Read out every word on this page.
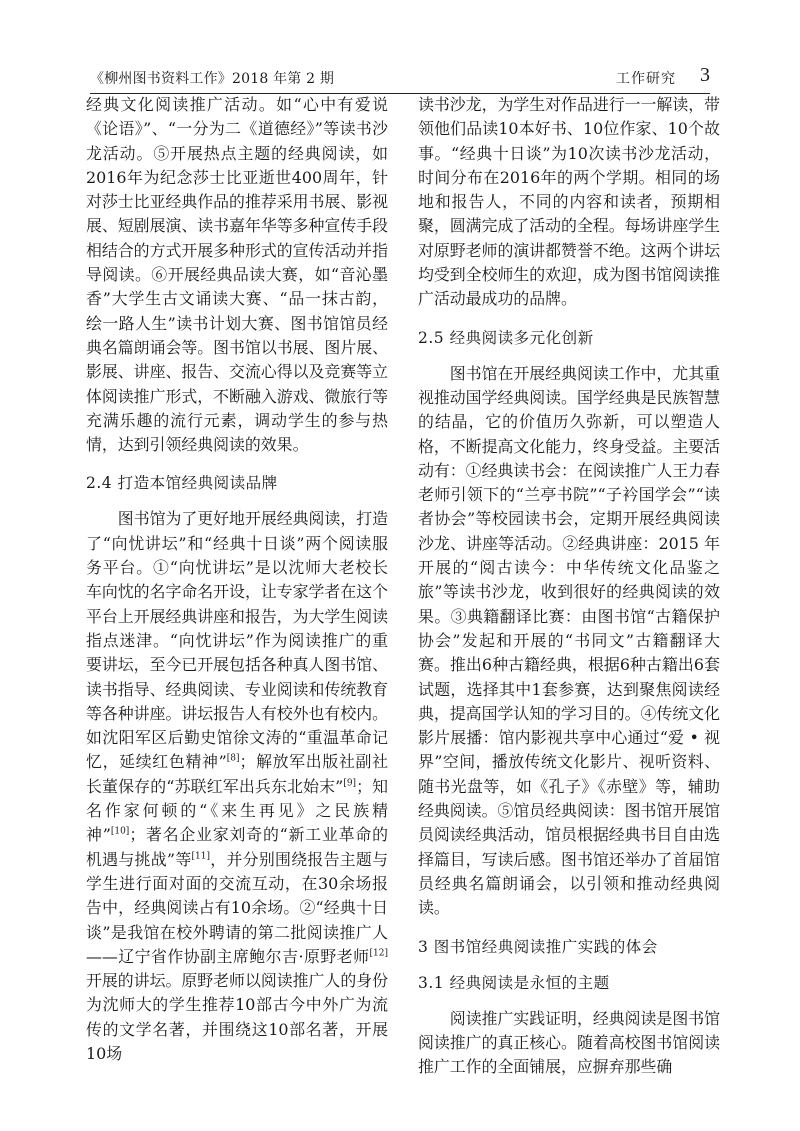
《柳州图书资料工作》2018 年第 2 期	工作研究 3

经典文化阅读推广活动。如“心中有爱说《论语》”、“一分为二《道德经》”等读书沙龙活动。⑤开展热点主题的经典阅读，如2016年为纪念莎士比亚逝世400周年，针对莎士比亚经典作品的推荐采用书展、影视展、短剧展演、读书嘉年华等多种宣传手段相结合的方式开展多种形式的宣传活动并指导阅读。⑥开展经典品读大赛，如“音沁墨香”大学生古文诵读大赛、“品一抹古韵，绘一路人生”读书计划大赛、图书馆馆员经典名篇朗诵会等。图书馆以书展、图片展、影展、讲座、报告、交流心得以及竞赛等立体阅读推广形式，不断融入游戏、微旅行等充满乐趣的流行元素，调动学生的参与热情，达到引领经典阅读的效果。

2.4 打造本馆经典阅读品牌

图书馆为了更好地开展经典阅读，打造了“向忧讲坛”和“经典十日谈”两个阅读服务平台。①“向忧讲坛”是以沈师大老校长车向忱的名字命名开设，让专家学者在这个平台上开展经典讲座和报告，为大学生阅读指点迷津。“向忱讲坛”作为阅读推广的重要讲坛，至今已开展包括各种真人图书馆、读书指导、经典阅读、专业阅读和传统教育等各种讲座。讲坛报告人有校外也有校内。如沈阳军区后勤史馆徐文涛的“重温革命记忆，延续红色精神”[8]；解放军出版社副社长董保存的“苏联红军出兵东北始末”[9]；知名作家何顿的“《来生再见》之民族精神”[10]；著名企业家刘奇的“新工业革命的机遇与挑战”等[11]，并分别围绕报告主题与学生进行面对面的交流互动，在30余场报告中，经典阅读占有10余场。②“经典十日谈”是我馆在校外聘请的第二批阅读推广人——辽宁省作协副主席鲍尔吉·原野老师[12]开展的讲坛。原野老师以阅读推广人的身份为沈师大的学生推荐10部古今中外广为流传的文学名著，并围绕这10部名著，开展10场

读书沙龙，为学生对作品进行一一解读，带领他们品读10本好书、10位作家、10个故事。“经典十日谈”为10次读书沙龙活动，时间分布在2016年的两个学期。相同的场地和报告人，不同的内容和读者，预期相聚，圆满完成了活动的全程。每场讲座学生对原野老师的演讲都赞誉不绝。这两个讲坛均受到全校师生的欢迎，成为图书馆阅读推广活动最成功的品牌。

2.5 经典阅读多元化创新

图书馆在开展经典阅读工作中，尤其重视推动国学经典阅读。国学经典是民族智慧的结晶，它的价值历久弥新，可以塑造人格，不断提高文化能力，终身受益。主要活动有：①经典读书会：在阅读推广人王力春老师引领下的“兰亭书院”“子衿国学会”“读者协会”等校园读书会，定期开展经典阅读沙龙、讲座等活动。②经典讲座：2015 年开展的“阅古读今：中华传统文化品鉴之旅”等读书沙龙，收到很好的经典阅读的效果。③典籍翻译比赛：由图书馆“古籍保护协会”发起和开展的“书同文”古籍翻译大赛。推出6种古籍经典，根据6种古籍出6套试题，选择其中1套参赛，达到聚焦阅读经典，提高国学认知的学习目的。④传统文化影片展播：馆内影视共享中心通过“爱 • 视界”空间，播放传统文化影片、视听资料、随书光盘等，如《孔子》《赤壁》等，辅助经典阅读。⑤馆员经典阅读：图书馆开展馆员阅读经典活动，馆员根据经典书目自由选择篇目，写读后感。图书馆还举办了首届馆员经典名篇朗诵会，以引领和推动经典阅读。

3 图书馆经典阅读推广实践的体会
3.1 经典阅读是永恒的主题

阅读推广实践证明，经典阅读是图书馆阅读推广的真正核心。随着高校图书馆阅读推广工作的全面铺展，应摒弃那些确
